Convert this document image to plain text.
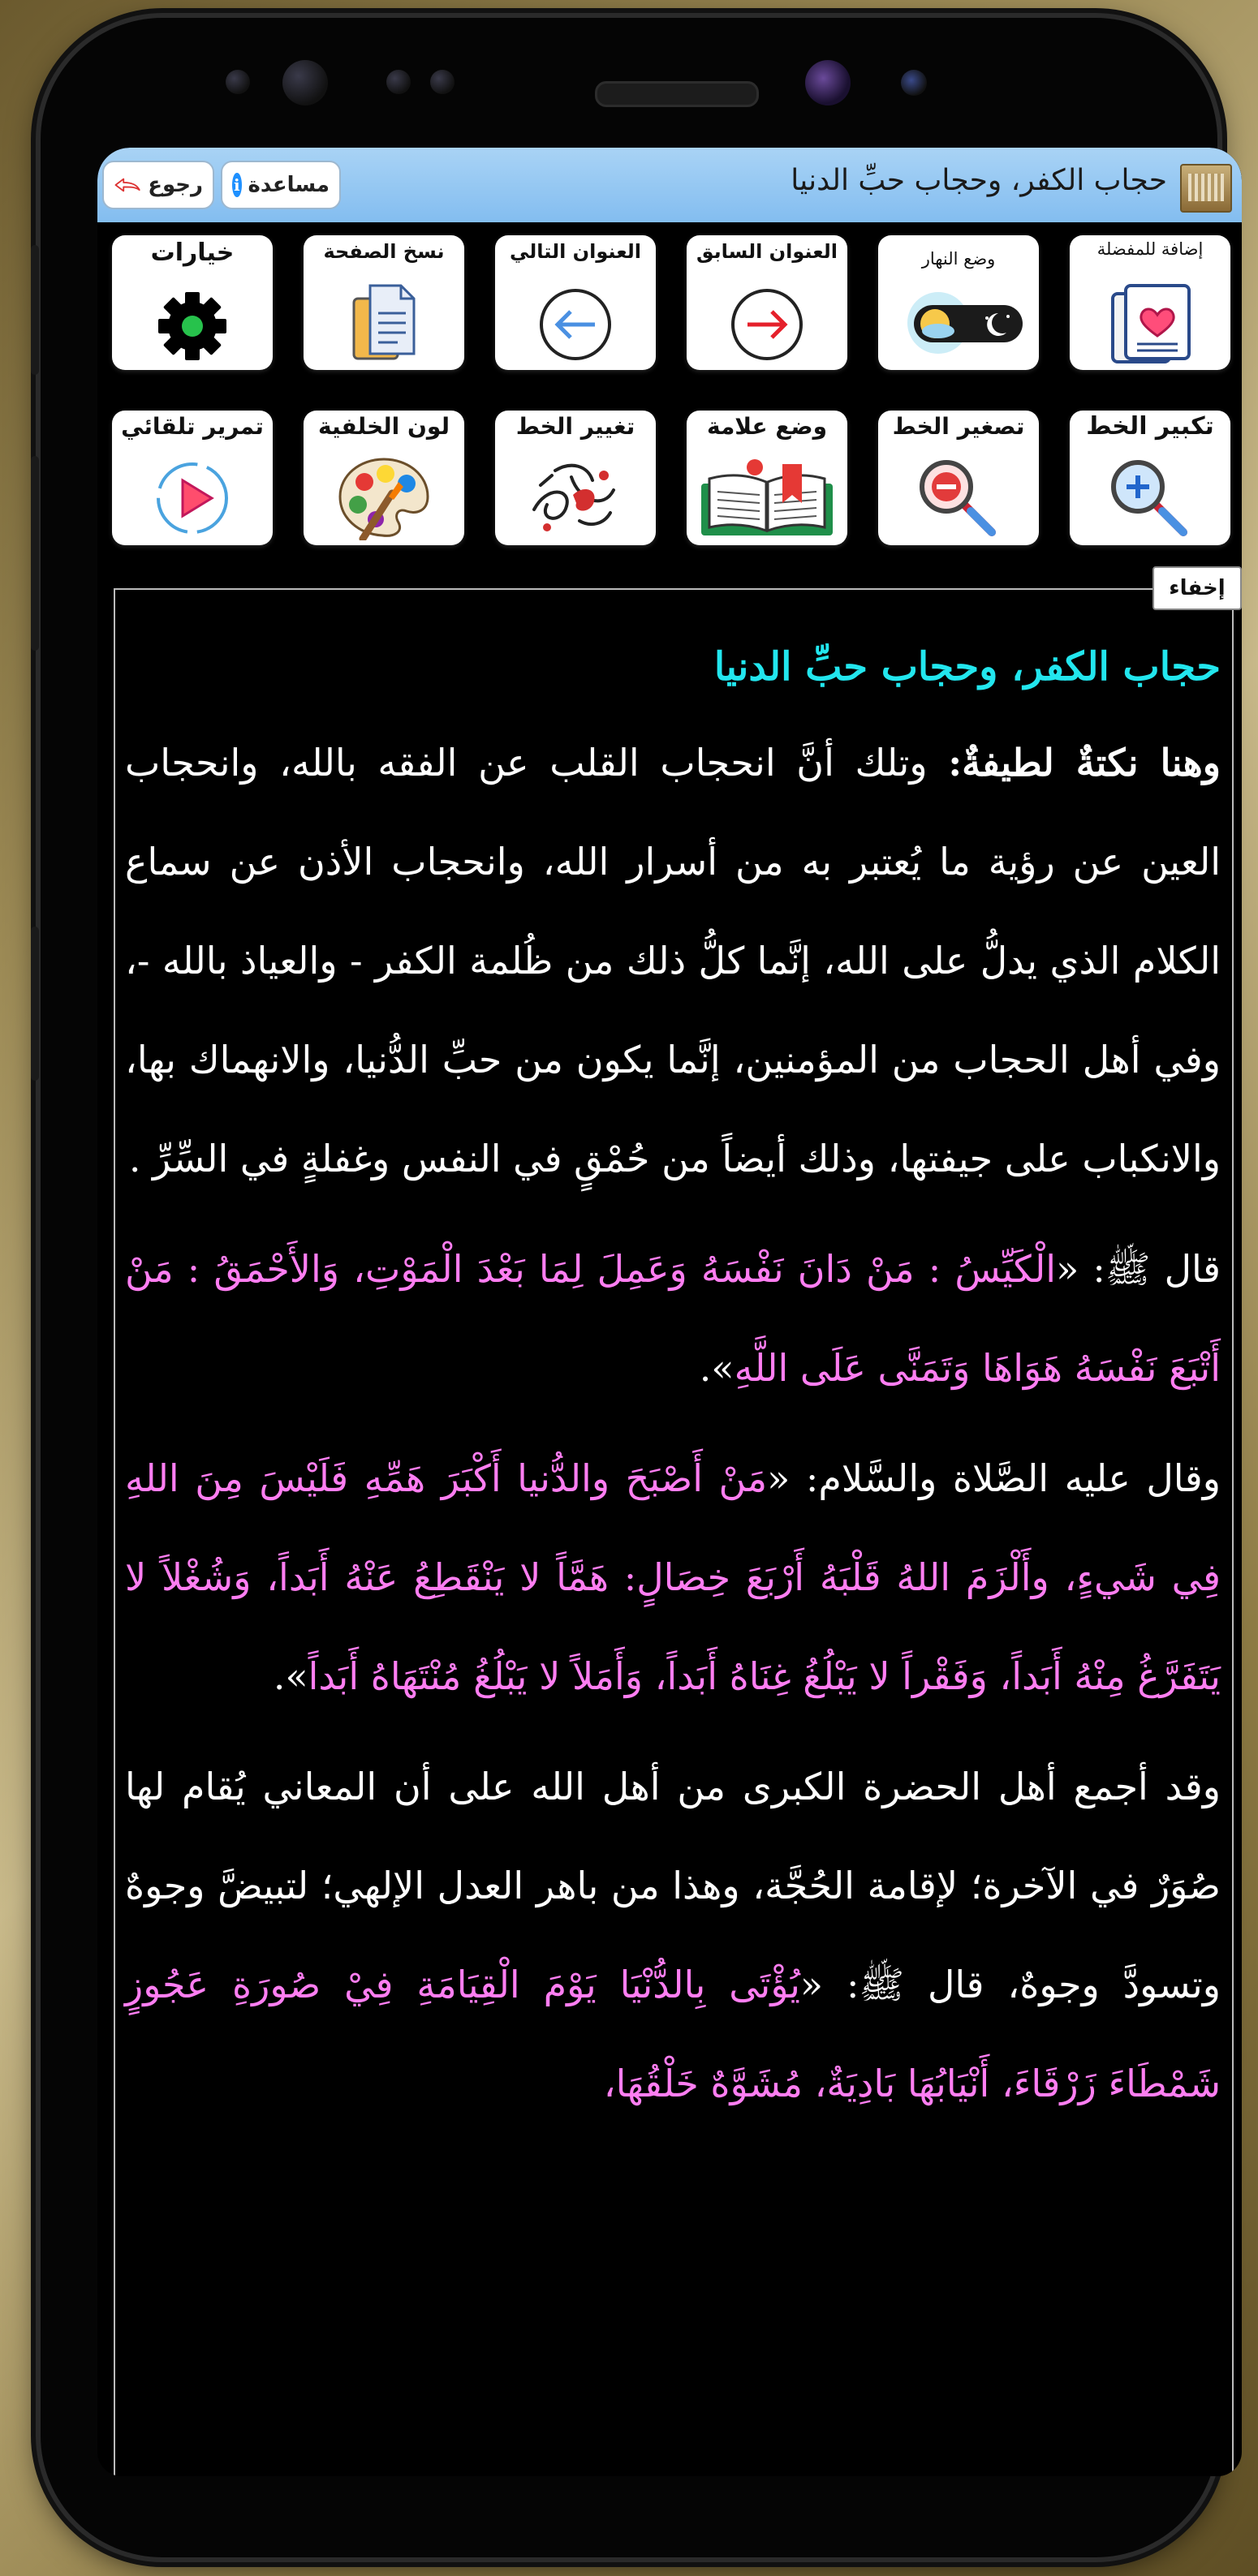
حجاب الكفر، وحجاب حبِّ الدنيا
i مساعدة
رجوع
إضافة للمفضلة
وضع النهار
العنوان السابق
العنوان التالي
نسخ الصفحة
خيارات
تكبير الخط
تصغير الخط
وضع علامة
تغيير الخط
لون الخلفية
تمرير تلقائي

حجاب الكفر، وحجاب حبِّ الدنيا

وهنا نكتةٌ لطيفةٌ: وتلك أنَّ انحجاب القلب عن الفقه بالله، وانحجاب العين عن رؤية ما يُعتبر به من أسرار الله، وانحجاب الأذن عن سماع الكلام الذي يدلُّ على الله، إنَّما كلُّ ذلك من ظُلمة الكفر - والعياذ بالله -، وفي أهل الحجاب من المؤمنين، إنَّما يكون من حبِّ الدُّنيا، والانهماك بها، والانكباب على جيفتها، وذلك أيضاً من حُمْقٍ في النفس وغفلةٍ في السِّرِّ .

قال ﷺ: «الْكَيِّسُ : مَنْ دَانَ نَفْسَهُ وَعَمِلَ لِمَا بَعْدَ الْمَوْتِ، وَالأَحْمَقُ : مَنْ أَتْبَعَ نَفْسَهُ هَوَاهَا وَتَمَنَّى عَلَى اللَّهِ».

وقال عليه الصَّلاة والسَّلام: «مَنْ أَصْبَحَ والدُّنيا أَكْبَرَ هَمِّهِ فَلَيْسَ مِنَ اللهِ فِي شَيءٍ، وأَلْزَمَ اللهُ قَلْبَهُ أَرْبَعَ خِصَالٍ: هَمَّاً لا يَنْقَطِعُ عَنْهُ أَبَداً، وَشُغْلاً لا يَتَفَرَّغُ مِنْهُ أَبَداً، وَفَقْراً لا يَبْلُغُ غِنَاهُ أَبَداً، وَأَمَلاً لا يَبْلُغُ مُنْتَهَاهُ أَبَداً».

وقد أجمع أهل الحضرة الكبرى من أهل الله على أن المعاني يُقام لها صُوَرٌ في الآخرة؛ لإقامة الحُجَّة، وهذا من باهر العدل الإلهي؛ لتبيضَّ وجوهٌ وتسودَّ وجوهٌ، قال ﷺ: «يُؤْتَى بِالدُّنْيَا يَوْمَ الْقِيَامَةِ فِيْ صُورَةِ عَجُوزٍ شَمْطَاءَ زَرْقَاءَ، أَنْيَابُهَا بَادِيَةٌ، مُشَوَّهٌ خَلْقُهَا،

إخفاء
